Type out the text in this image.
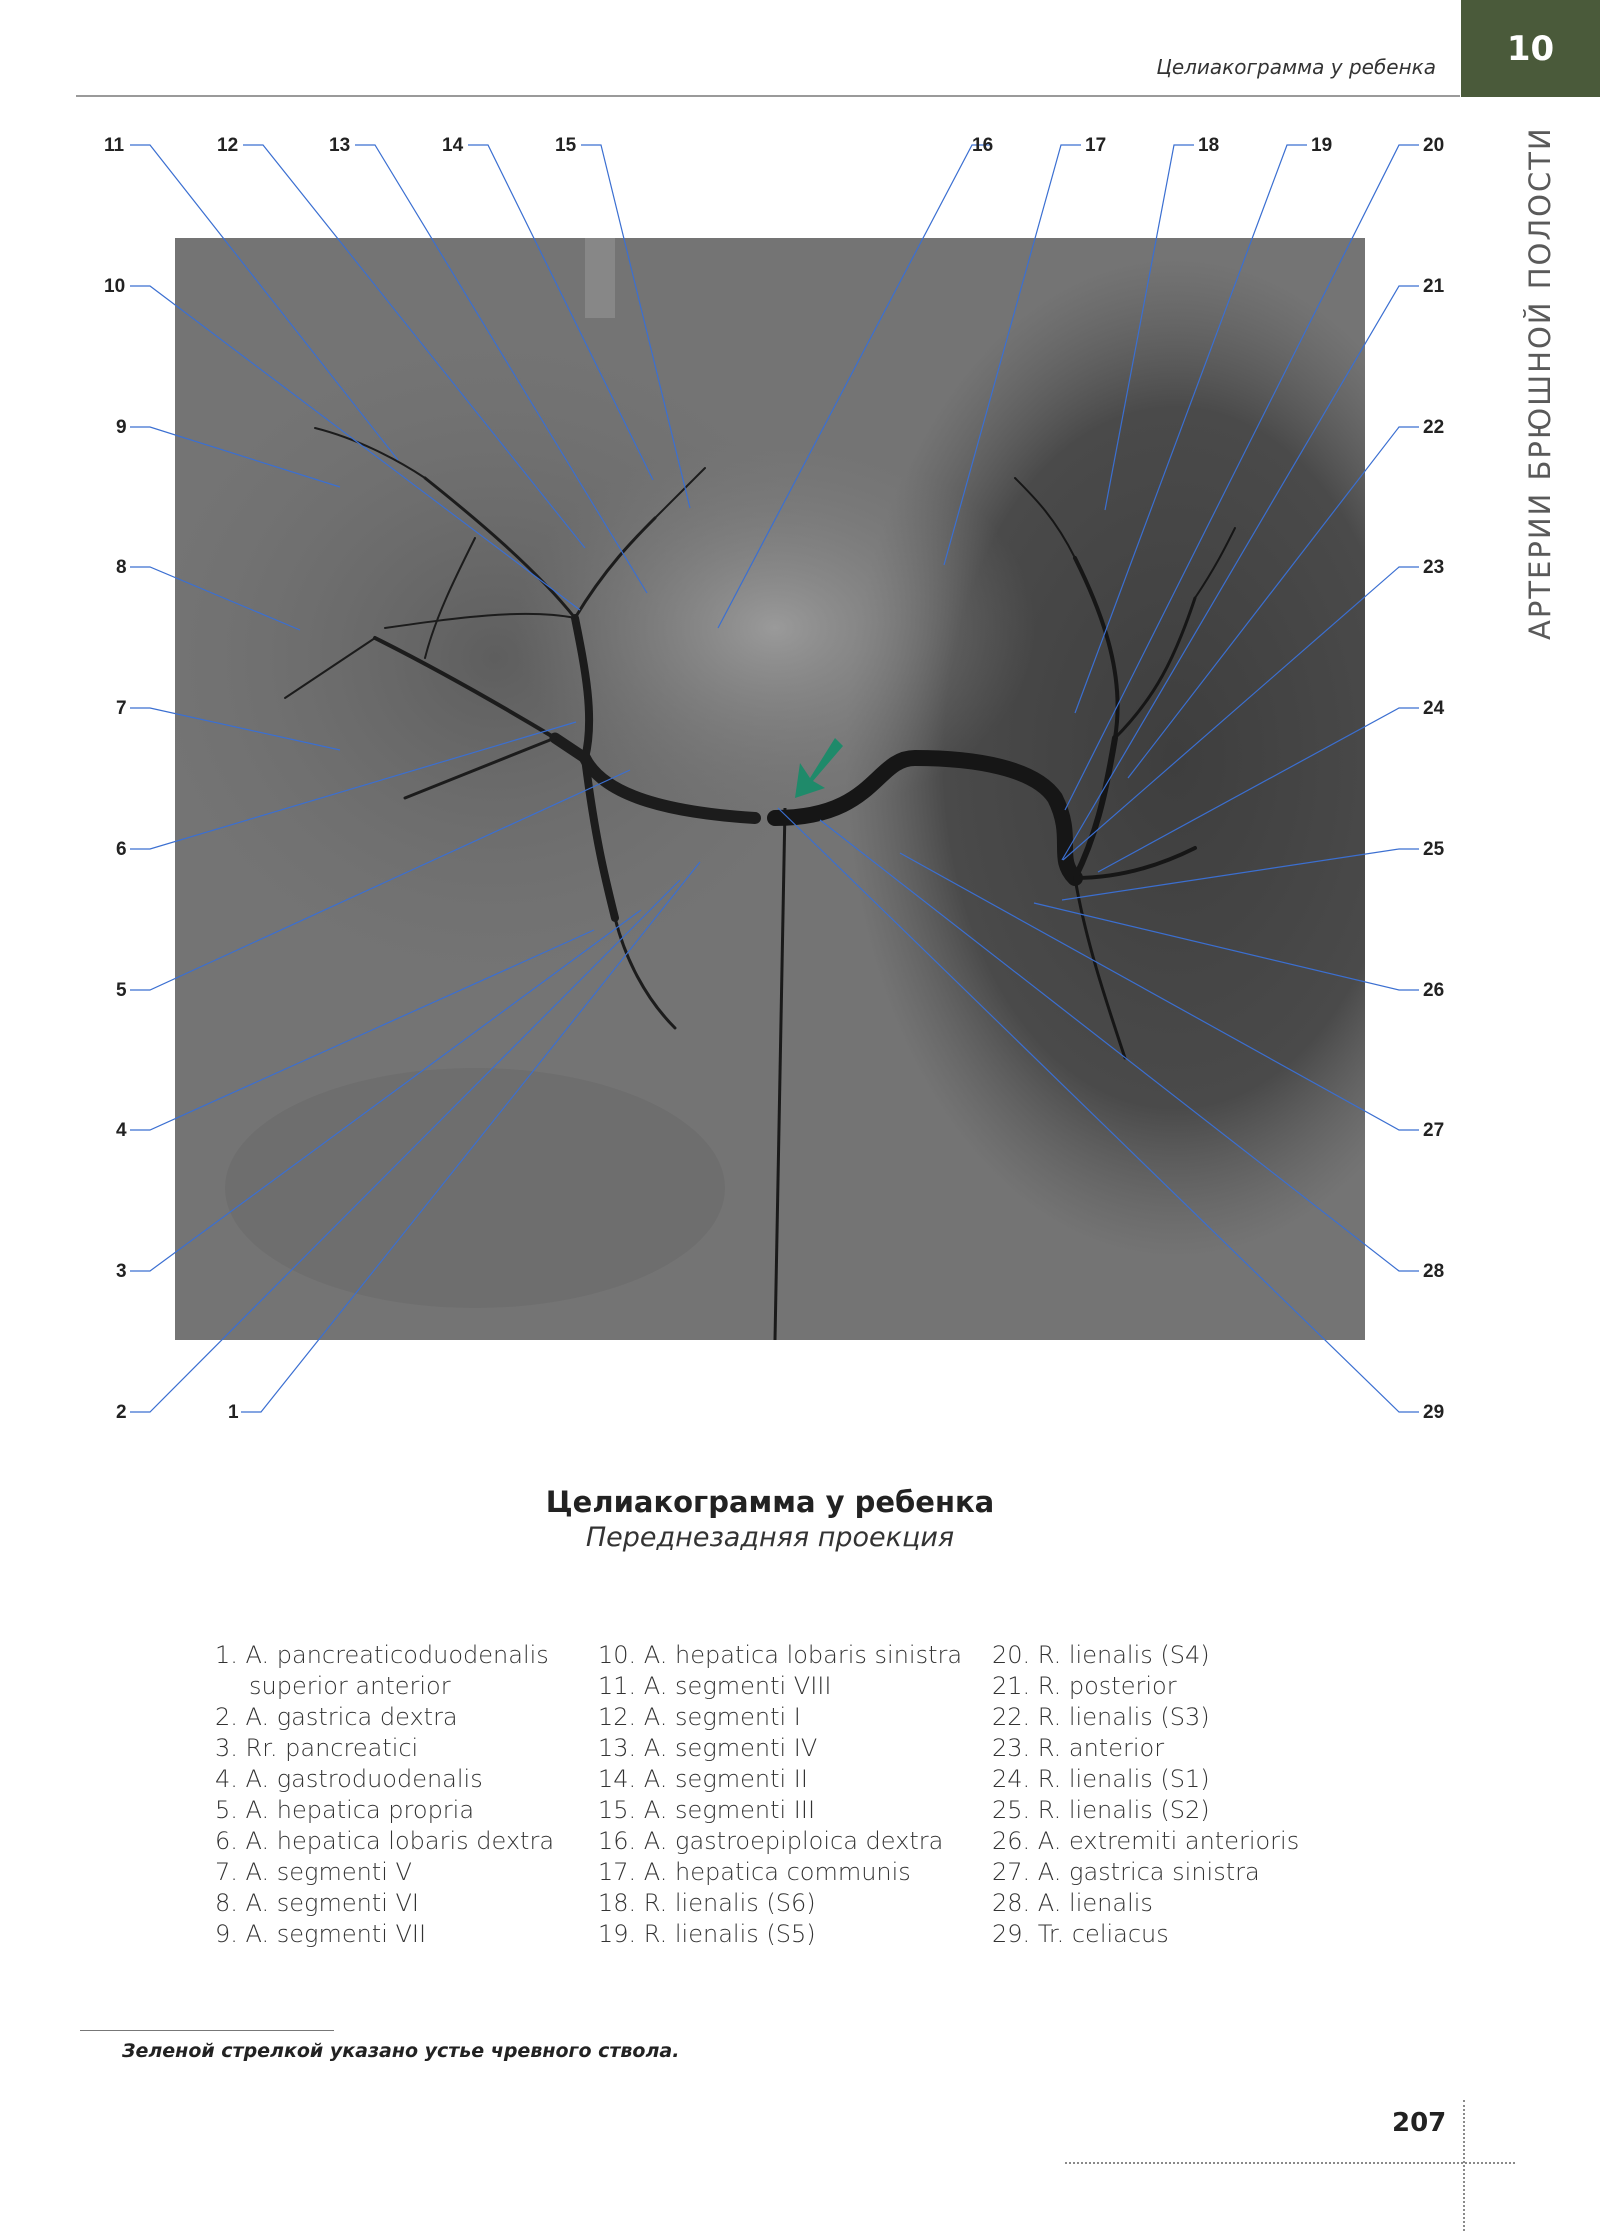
Целиакограмма у ребенка	10
АРТЕРИИ БРЮШНОЙ ПОЛОСТИ
1
2
3
4
5
6
7
8
9
10
11	12	13	14	15	16	17	18	19	20
21
22
23
24
25
26
27
28
29
Целиакограмма у ребенка
Переднезадняя проекция
1. A. pancreaticoduodenalis
superior anterior
2. A. gastrica dextra
3. Rr. pancreatici
4. A. gastroduodenalis
5. A. hepatica propria
6. A. hepatica lobaris dextra
7. A. segmenti V
8. A. segmenti VI
9. A. segmenti VII
10. A. hepatica lobaris sinistra
11. A. segmenti VIII
12. A. segmenti I
13. A. segmenti IV
14. A. segmenti II
15. A. segmenti III
16. A. gastroepiploica dextra
17. A. hepatica communis
18. R. lienalis (S6)
19. R. lienalis (S5)
20. R. lienalis (S4)
21. R. posterior
22. R. lienalis (S3)
23. R. anterior
24. R. lienalis (S1)
25. R. lienalis (S2)
26. A. extremiti anterioris
27. A. gastrica sinistra
28. A. lienalis
29. Tr. celiacus
Зеленой стрелкой указано устье чревного ствола.
207
